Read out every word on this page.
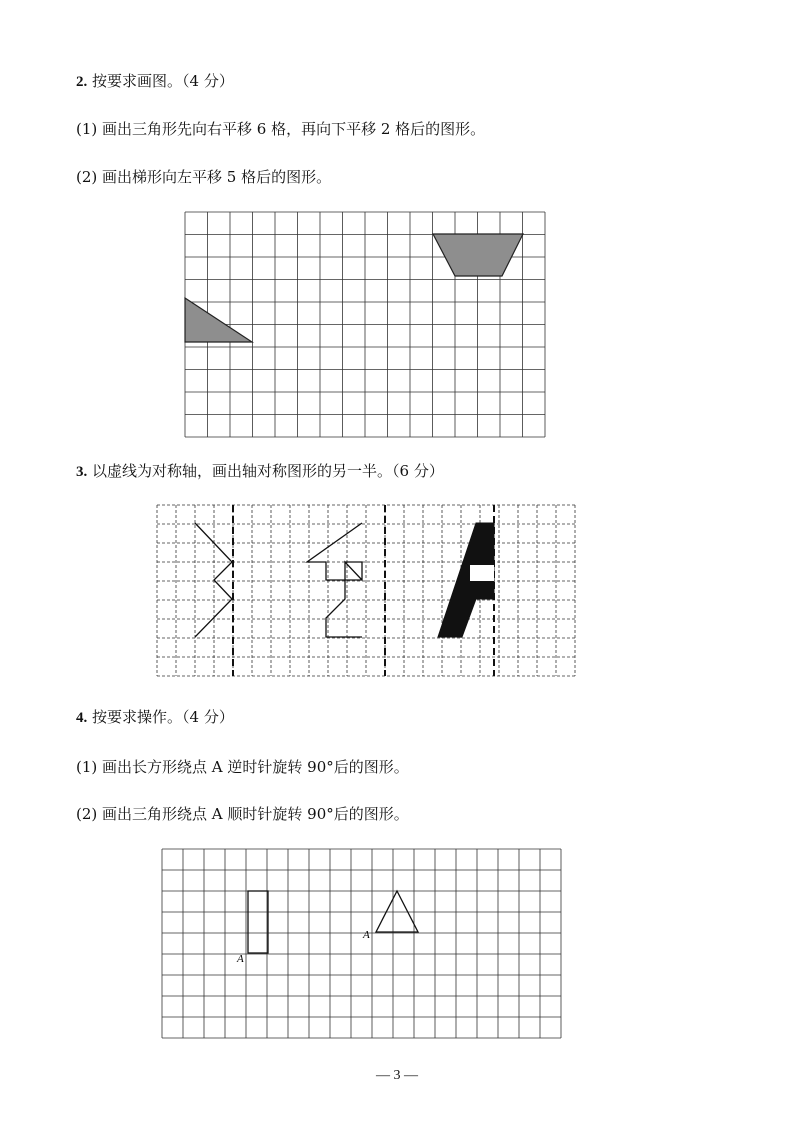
2. 按要求画图。（4 分）
(1) 画出三角形先向右平移 6 格，再向下平移 2 格后的图形。
(2) 画出梯形向左平移 5 格后的图形。
3. 以虚线为对称轴，画出轴对称图形的另一半。（6 分）
4. 按要求操作。（4 分）
(1) 画出长方形绕点 A 逆时针旋转 90°后的图形。
(2) 画出三角形绕点 A 顺时针旋转 90°后的图形。
A
A
— 3 —
